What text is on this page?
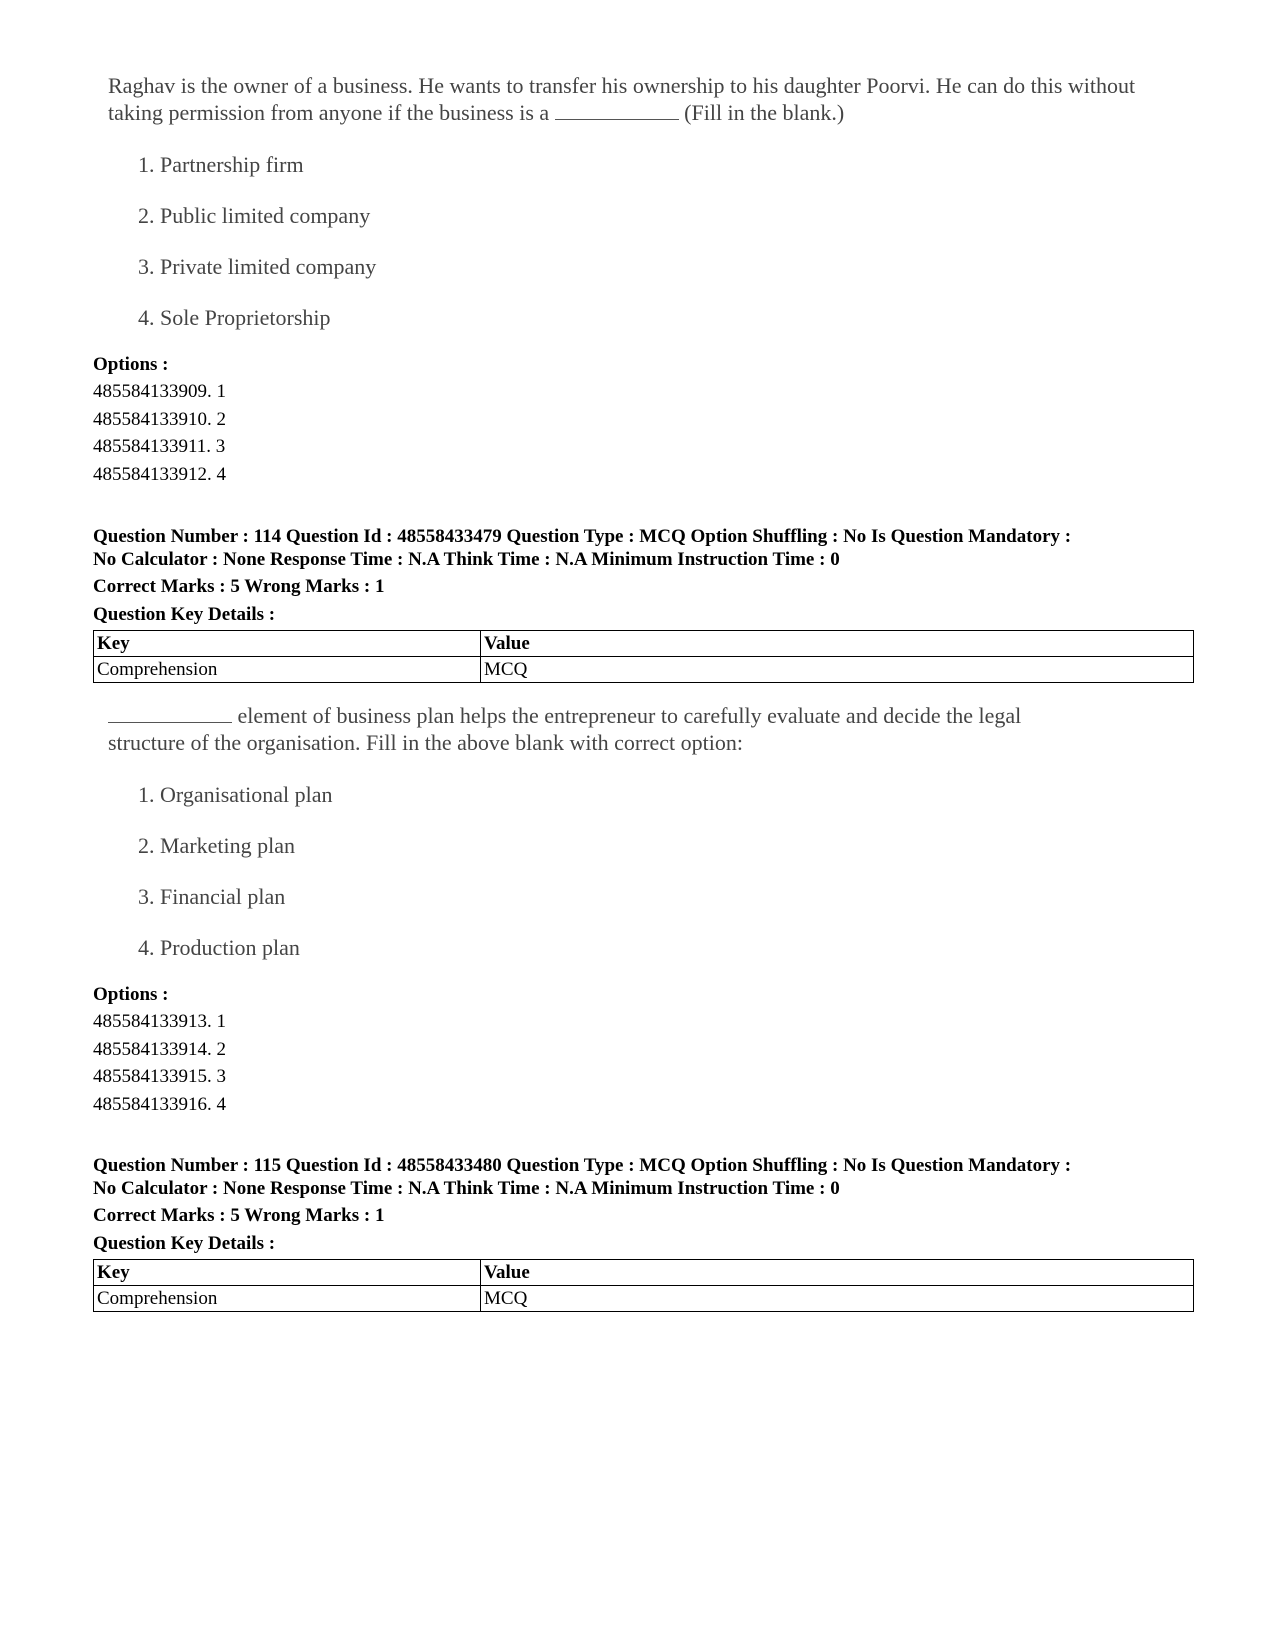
Raghav is the owner of a business. He wants to transfer his ownership to his daughter Poorvi. He can do this without taking permission from anyone if the business is a	(Fill in the blank.)

1. Partnership firm
2. Public limited company
3. Private limited company
4. Sole Proprietorship
Options :
485584133909. 1
485584133910. 2
485584133911. 3
485584133912. 4
Question Number : 114 Question Id : 48558433479 Question Type : MCQ Option Shuffling : No Is Question Mandatory :
No Calculator : None Response Time : N.A Think Time : N.A Minimum Instruction Time : 0
Correct Marks : 5 Wrong Marks : 1
Question Key Details :
Key	Value
Comprehension	MCQ

element of business plan helps the entrepreneur to carefully evaluate and decide the legal
structure of the organisation. Fill in the above blank with correct option:

1. Organisational plan
2. Marketing plan
3. Financial plan
4. Production plan
Options :
485584133913. 1
485584133914. 2
485584133915. 3
485584133916. 4
Question Number : 115 Question Id : 48558433480 Question Type : MCQ Option Shuffling : No Is Question Mandatory :
No Calculator : None Response Time : N.A Think Time : N.A Minimum Instruction Time : 0
Correct Marks : 5 Wrong Marks : 1
Question Key Details :
Key	Value
Comprehension	MCQ
